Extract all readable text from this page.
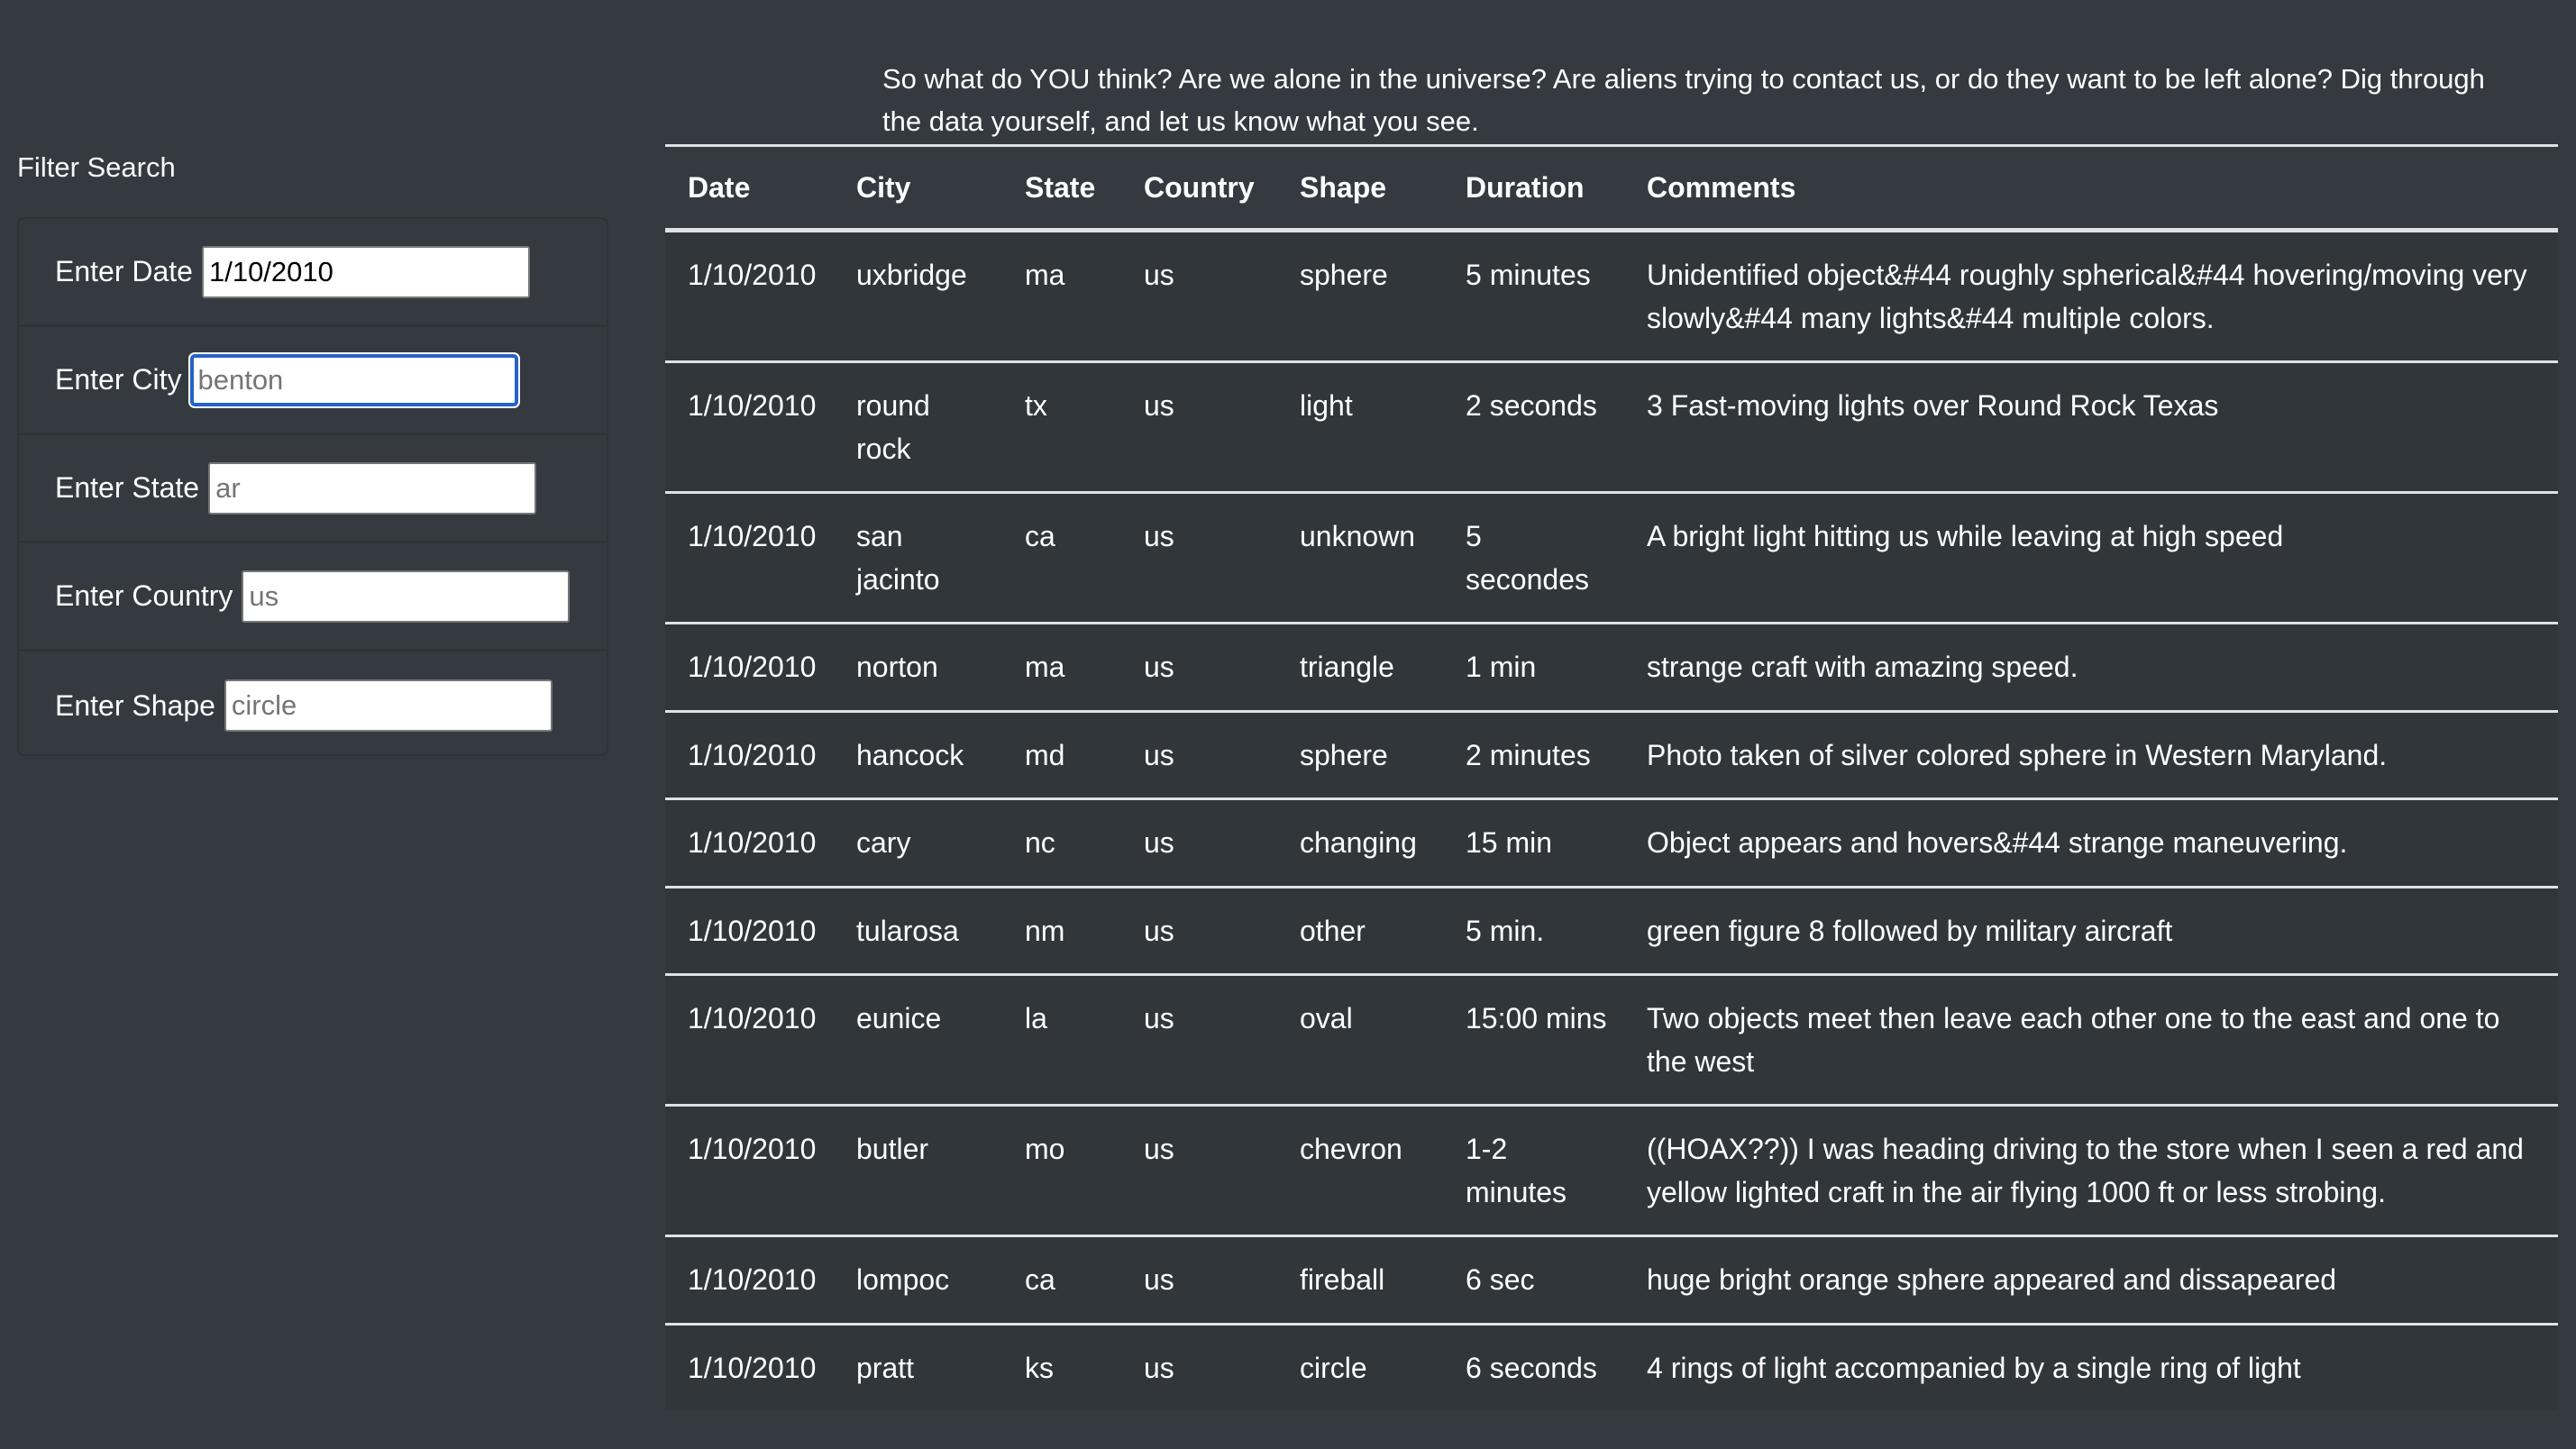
So what do YOU think? Are we alone in the universe? Are aliens trying to contact us, or do they want to be left alone? Dig through the data yourself, and let us know what you see.

Filter Search
Enter Date
1/10/2010
Enter City
benton
Enter State
ar
Enter Country
us
Enter Shape
circle
Date	City	State	Country	Shape	Duration	Comments
1/10/2010	uxbridge	ma	us	sphere	5 minutes	Unidentified object&#44 roughly spherical&#44 hovering/moving very slowly&#44 many lights&#44 multiple colors.
1/10/2010	round rock	tx	us	light	2 seconds	3 Fast-moving lights over Round Rock Texas
1/10/2010	san jacinto	ca	us	unknown	5 secondes	A bright light hitting us while leaving at high speed
1/10/2010	norton	ma	us	triangle	1 min	strange craft with amazing speed.
1/10/2010	hancock	md	us	sphere	2 minutes	Photo taken of silver colored sphere in Western Maryland.
1/10/2010	cary	nc	us	changing	15 min	Object appears and hovers&#44 strange maneuvering.
1/10/2010	tularosa	nm	us	other	5 min.	green figure 8 followed by military aircraft
1/10/2010	eunice	la	us	oval	15:00 mins	Two objects meet then leave each other one to the east and one to the west
1/10/2010	butler	mo	us	chevron	1-2 minutes	((HOAX??)) I was heading driving to the store when I seen a red and yellow lighted craft in the air flying 1000 ft or less strobing.
1/10/2010	lompoc	ca	us	fireball	6 sec	huge bright orange sphere appeared and dissapeared
1/10/2010	pratt	ks	us	circle	6 seconds	4 rings of light accompanied by a single ring of light
